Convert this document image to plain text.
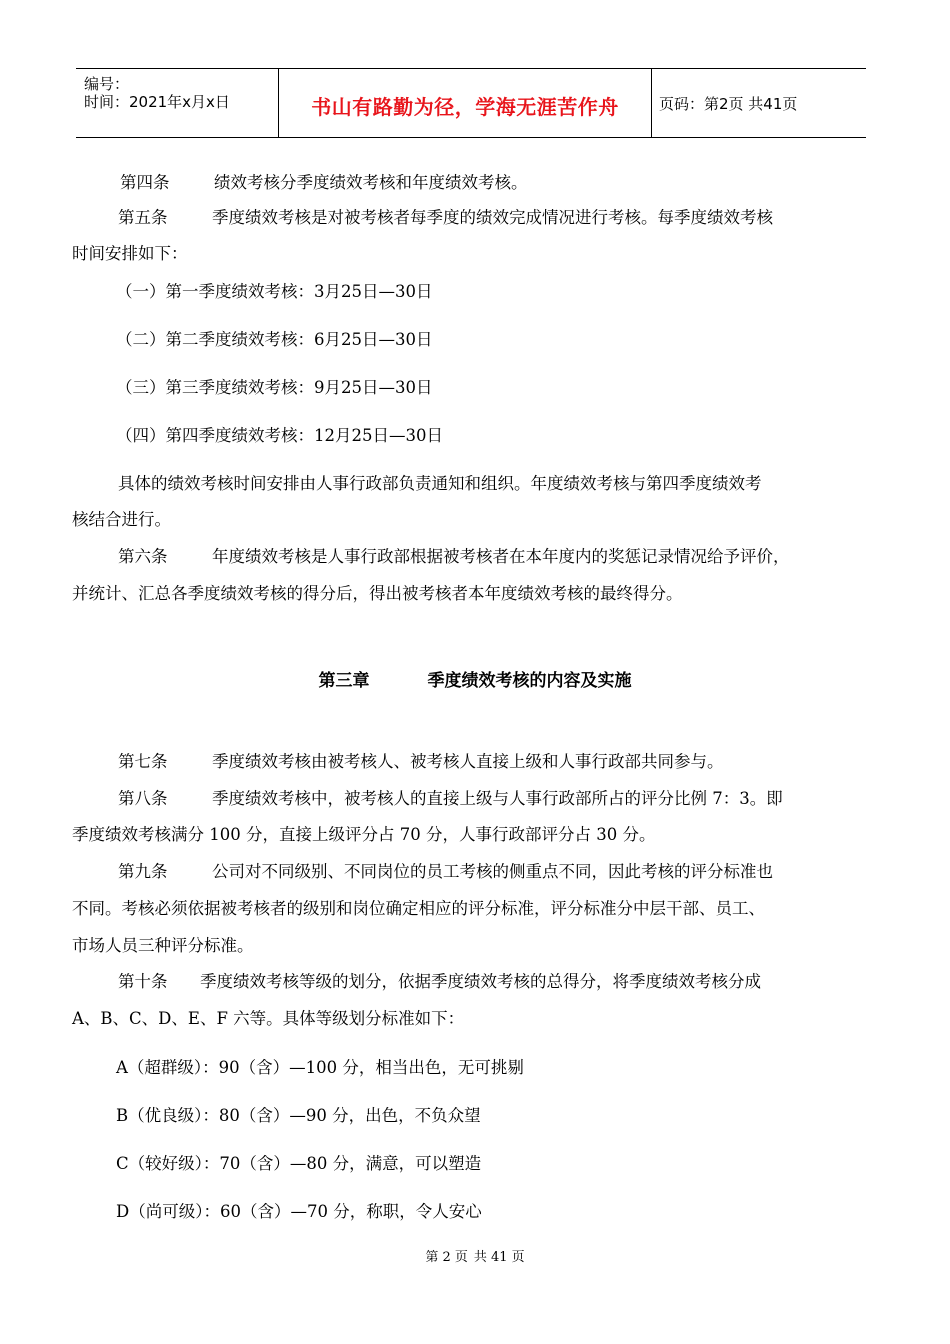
编号：
时间：2021年x月x日	书山有路勤为径，学海无涯苦作舟	页码：第2页 共41页
第四条	绩效考核分季度绩效考核和年度绩效考核。
第五条	季度绩效考核是对被考核者每季度的绩效完成情况进行考核。每季度绩效考核
时间安排如下：
（一）第一季度绩效考核：3月25日—30日
（二）第二季度绩效考核：6月25日—30日
（三）第三季度绩效考核：9月25日—30日
（四）第四季度绩效考核：12月25日—30日
具体的绩效考核时间安排由人事行政部负责通知和组织。年度绩效考核与第四季度绩效考
核结合进行。
第六条	年度绩效考核是人事行政部根据被考核者在本年度内的奖惩记录情况给予评价，
并统计、汇总各季度绩效考核的得分后，得出被考核者本年度绩效考核的最终得分。
第三章	季度绩效考核的内容及实施
第七条	季度绩效考核由被考核人、被考核人直接上级和人事行政部共同参与。
第八条	季度绩效考核中，被考核人的直接上级与人事行政部所占的评分比例 7：3。即
季度绩效考核满分 100 分，直接上级评分占 70 分，人事行政部评分占 30 分。
第九条	公司对不同级别、不同岗位的员工考核的侧重点不同，因此考核的评分标准也
不同。考核必须依据被考核者的级别和岗位确定相应的评分标准，评分标准分中层干部、员工、
市场人员三种评分标准。
第十条 季度绩效考核等级的划分，依据季度绩效考核的总得分，将季度绩效考核分成
A、B、C、D、E、F 六等。具体等级划分标准如下：
A（超群级）：90（含）—100 分，相当出色，无可挑剔
B（优良级）：80（含）—90 分，出色，不负众望
C（较好级）：70（含）—80 分，满意，可以塑造
D（尚可级）：60（含）—70 分，称职，令人安心
第 2 页 共 41 页
